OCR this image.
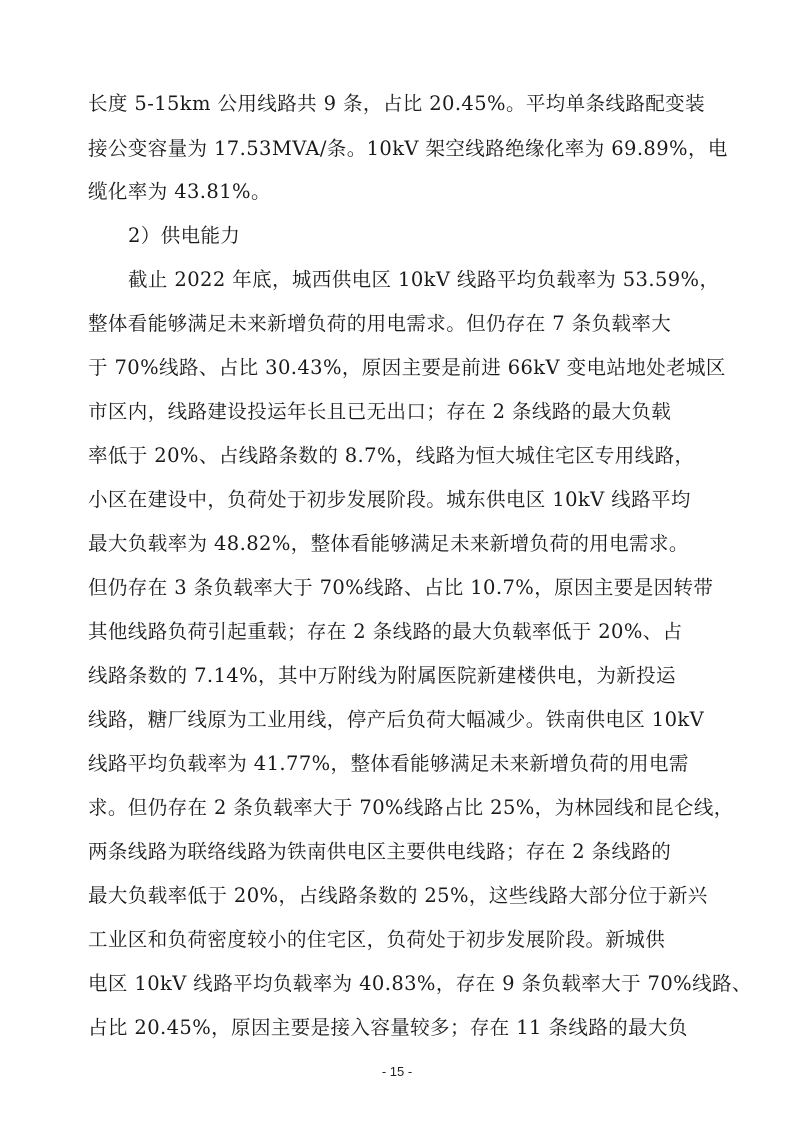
长度 5-15km 公用线路共 9 条，占比 20.45%。平均单条线路配变装
接公变容量为 17.53MVA/条。10kV 架空线路绝缘化率为 69.89%，电
缆化率为 43.81%。
2）供电能力
截止 2022 年底，城西供电区 10kV 线路平均负载率为 53.59%，
整体看能够满足未来新增负荷的用电需求。但仍存在 7 条负载率大
于 70%线路、占比 30.43%，原因主要是前进 66kV 变电站地处老城区
市区内，线路建设投运年长且已无出口；存在 2 条线路的最大负载
率低于 20%、占线路条数的 8.7%，线路为恒大城住宅区专用线路，
小区在建设中，负荷处于初步发展阶段。城东供电区 10kV 线路平均
最大负载率为 48.82%，整体看能够满足未来新增负荷的用电需求。
但仍存在 3 条负载率大于 70%线路、占比 10.7%，原因主要是因转带
其他线路负荷引起重载；存在 2 条线路的最大负载率低于 20%、占
线路条数的 7.14%，其中万附线为附属医院新建楼供电，为新投运
线路，糖厂线原为工业用线，停产后负荷大幅减少。铁南供电区 10kV
线路平均负载率为 41.77%，整体看能够满足未来新增负荷的用电需
求。但仍存在 2 条负载率大于 70%线路占比 25%，为林园线和昆仑线，
两条线路为联络线路为铁南供电区主要供电线路；存在 2 条线路的
最大负载率低于 20%，占线路条数的 25%，这些线路大部分位于新兴
工业区和负荷密度较小的住宅区，负荷处于初步发展阶段。新城供
电区 10kV 线路平均负载率为 40.83%，存在 9 条负载率大于 70%线路、
占比 20.45%，原因主要是接入容量较多；存在 11 条线路的最大负
- 15 -
